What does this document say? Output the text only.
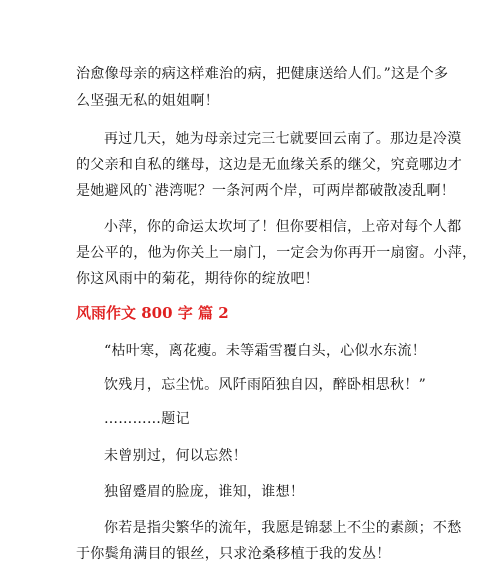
治愈像母亲的病这样难治的病，把健康送给人们。”这是个多
么坚强无私的姐姐啊！
再过几天，她为母亲过完三七就要回云南了。那边是冷漠
的父亲和自私的继母，这边是无血缘关系的继父，究竟哪边才
是她避风的`港湾呢？一条河两个岸，可两岸都破散凌乱啊！
小萍，你的命运太坎坷了！但你要相信，上帝对每个人都
是公平的，他为你关上一扇门，一定会为你再开一扇窗。小萍，
你这风雨中的菊花，期待你的绽放吧！
风雨作文 800 字 篇 2
“枯叶寒，离花瘦。未等霜雪覆白头，心似水东流！
饮残月，忘尘忧。风阡雨陌独自囚，醉卧相思秋！”
…………题记
未曾别过，何以忘然！
独留蹙眉的脸庞，谁知，谁想！
你若是指尖繁华的流年，我愿是锦瑟上不尘的素颜；不愁
于你鬓角满目的银丝，只求沧桑移植于我的发丛！
